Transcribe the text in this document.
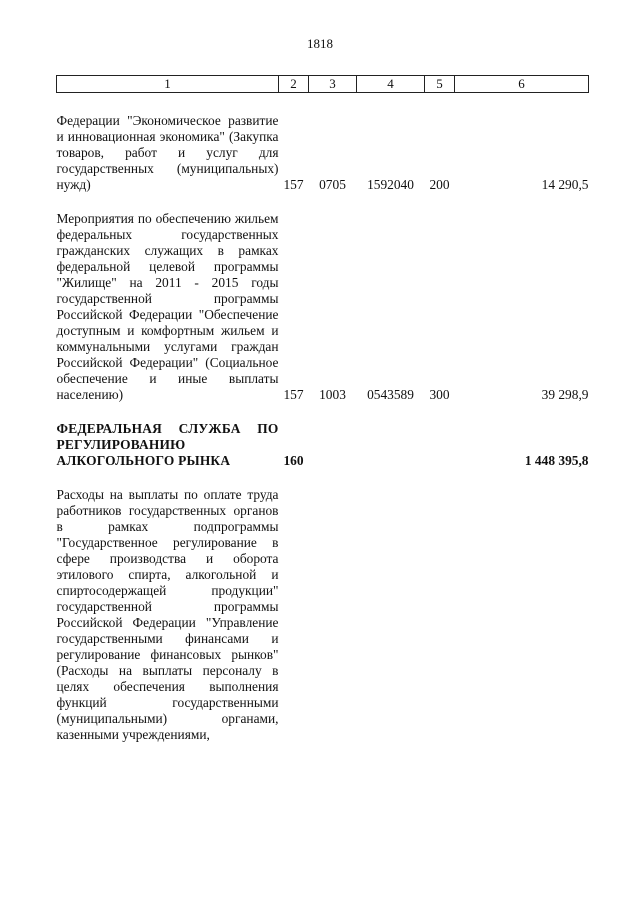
1818
1	2	3	4	5	6
Федерации "Экономическое развитие и инновационная экономика" (Закупка товаров, работ и услуг для государственных (муниципальных) нужд)	157	0705	1592040	200	14 290,5

Мероприятия по обеспечению жильем федеральных государственных гражданских служащих в рамках федеральной целевой программы "Жилище" на 2011 - 2015 годы государственной программы Российской Федерации "Обеспечение доступным и комфортным жильем и коммунальными услугами граждан Российской Федерации" (Социальное обеспечение и иные выплаты населению)	157	1003	0543589	300	39 298,9

ФЕДЕРАЛЬНАЯ СЛУЖБА ПО РЕГУЛИРОВАНИЮ АЛКОГОЛЬНОГО РЫНКА	160				1 448 395,8

Расходы на выплаты по оплате труда работников государственных органов в рамках подпрограммы "Государственное регулирование в сфере производства и оборота этилового спирта, алкогольной и спиртосодержащей продукции" государственной программы Российской Федерации "Управление государственными финансами и регулирование финансовых рынков" (Расходы на выплаты персоналу в целях обеспечения выполнения функций государственными (муниципальными) органами, казенными учреждениями,					
